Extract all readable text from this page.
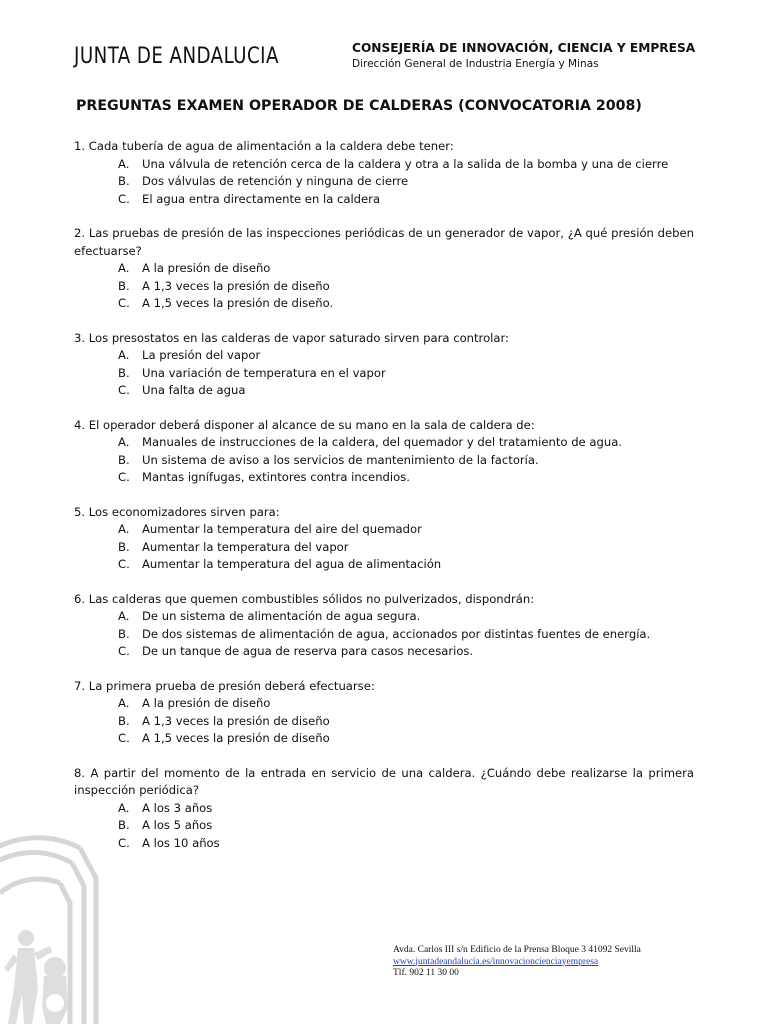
JUNTA DE ANDALUCIA	CONSEJERÍA DE INNOVACIÓN, CIENCIA Y EMPRESA
Dirección General de Industria Energía y Minas
PREGUNTAS EXAMEN OPERADOR DE CALDERAS (CONVOCATORIA 2008)
1. Cada tubería de agua de alimentación a la caldera debe tener:
A.	Una válvula de retención cerca de la caldera y otra a la salida de la bomba y una de cierre
B.	Dos válvulas de retención y ninguna de cierre
C.	El agua entra directamente en la caldera
2. Las pruebas de presión de las inspecciones periódicas de un generador de vapor, ¿A qué presión deben efectuarse?
A.	A la presión de diseño
B.	A 1,3 veces la presión de diseño
C.	A 1,5 veces la presión de diseño.
3. Los presostatos en las calderas de vapor saturado sirven para controlar:
A.	La presión del vapor
B.	Una variación de temperatura en el vapor
C.	Una falta de agua
4. El operador deberá disponer al alcance de su mano en la sala de caldera de:
A.	Manuales de instrucciones de la caldera, del quemador y del tratamiento de agua.
B.	Un sistema de aviso a los servicios de mantenimiento de la factoría.
C.	Mantas ignífugas, extintores contra incendios.
5. Los economizadores sirven para:
A.	Aumentar la temperatura del aire del quemador
B.	Aumentar la temperatura del vapor
C.	Aumentar la temperatura del agua de alimentación
6. Las calderas que quemen combustibles sólidos no pulverizados, dispondrán:
A.	De un sistema de alimentación de agua segura.
B.	De dos sistemas de alimentación de agua, accionados por distintas fuentes de energía.
C.	De un tanque de agua de reserva para casos necesarios.
7. La primera prueba de presión deberá efectuarse:
A.	A la presión de diseño
B.	A 1,3 veces la presión de diseño
C.	A 1,5 veces la presión de diseño
8. A partir del momento de la entrada en servicio de una caldera. ¿Cuándo debe realizarse la primera inspección periódica?
A.	A los 3 años
B.	A los 5 años
C.	A los 10 años
Avda. Carlos III s/n Edificio de la Prensa Bloque 3 41092 Sevilla
www.juntadeandalucia.es/innovacioncienciayempresa
Tlf. 902 11 30 00
